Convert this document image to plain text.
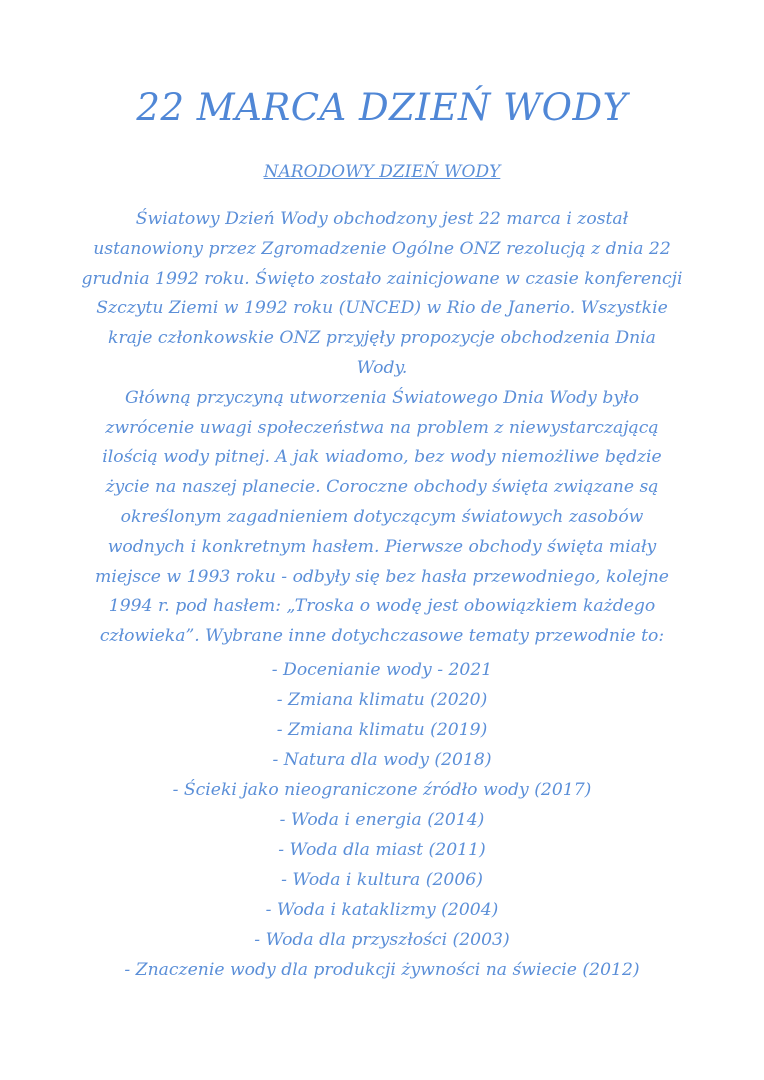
22 MARCA DZIEŃ WODY
NARODOWY DZIEŃ WODY

Światowy Dzień Wody obchodzony jest 22 marca i został ustanowiony przez Zgromadzenie Ogólne ONZ rezolucją z dnia 22 grudnia 1992 roku. Święto zostało zainicjowane w czasie konferencji Szczytu Ziemi w 1992 roku (UNCED) w Rio de Janerio. Wszystkie kraje członkowskie ONZ przyjęły propozycje obchodzenia Dnia Wody.

Główną przyczyną utworzenia Światowego Dnia Wody było zwrócenie uwagi społeczeństwa na problem z niewystarczającą ilością wody pitnej. A jak wiadomo, bez wody niemożliwe będzie życie na naszej planecie. Coroczne obchody święta związane są określonym zagadnieniem dotyczącym światowych zasobów wodnych i konkretnym hasłem. Pierwsze obchody święta miały miejsce w 1993 roku - odbyły się bez hasła przewodniego, kolejne 1994 r. pod hasłem: „Troska o wodę jest obowiązkiem każdego człowieka”. Wybrane inne dotychczasowe tematy przewodnie to:

- Docenianie wody - 2021
- Zmiana klimatu (2020)
- Zmiana klimatu (2019)
- Natura dla wody (2018)
- Ścieki jako nieograniczone źródło wody (2017)
- Woda i energia (2014)
- Woda dla miast (2011)
- Woda i kultura (2006)
- Woda i kataklizmy (2004)
- Woda dla przyszłości (2003)
- Znaczenie wody dla produkcji żywności na świecie (2012)
